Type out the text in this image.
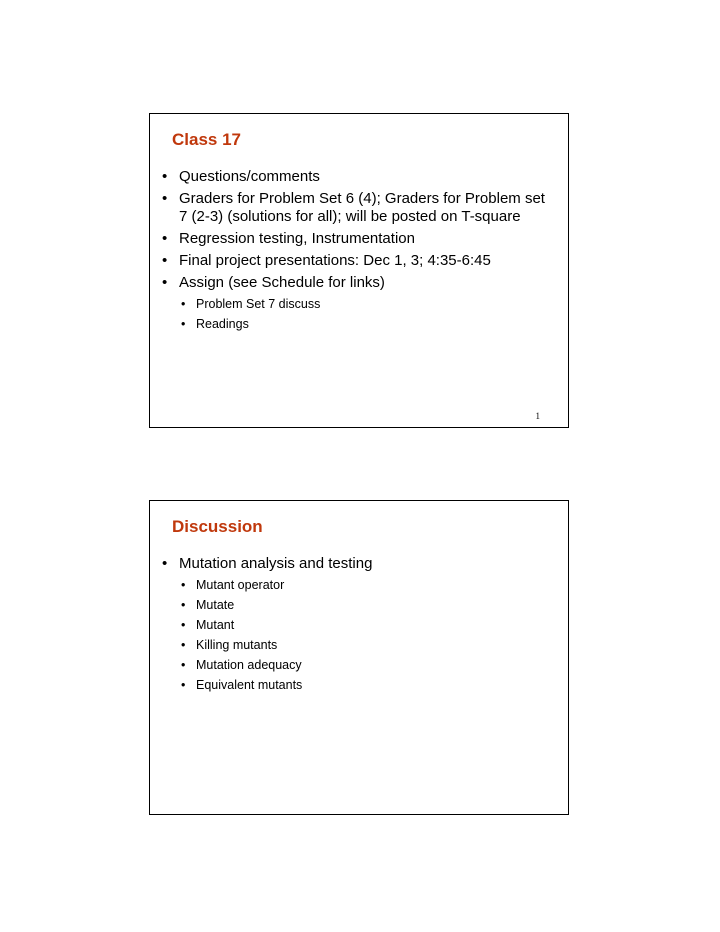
Class 17
• Questions/comments
• Graders for Problem Set 6 (4); Graders for Problem set 7 (2-3) (solutions for all); will be posted on T-square
• Regression testing, Instrumentation
• Final project presentations: Dec 1, 3; 4:35-6:45
• Assign (see Schedule for links)
• Problem Set 7 discuss
• Readings
1
Discussion
• Mutation analysis and testing
• Mutant operator
• Mutate
• Mutant
• Killing mutants
• Mutation adequacy
• Equivalent mutants
